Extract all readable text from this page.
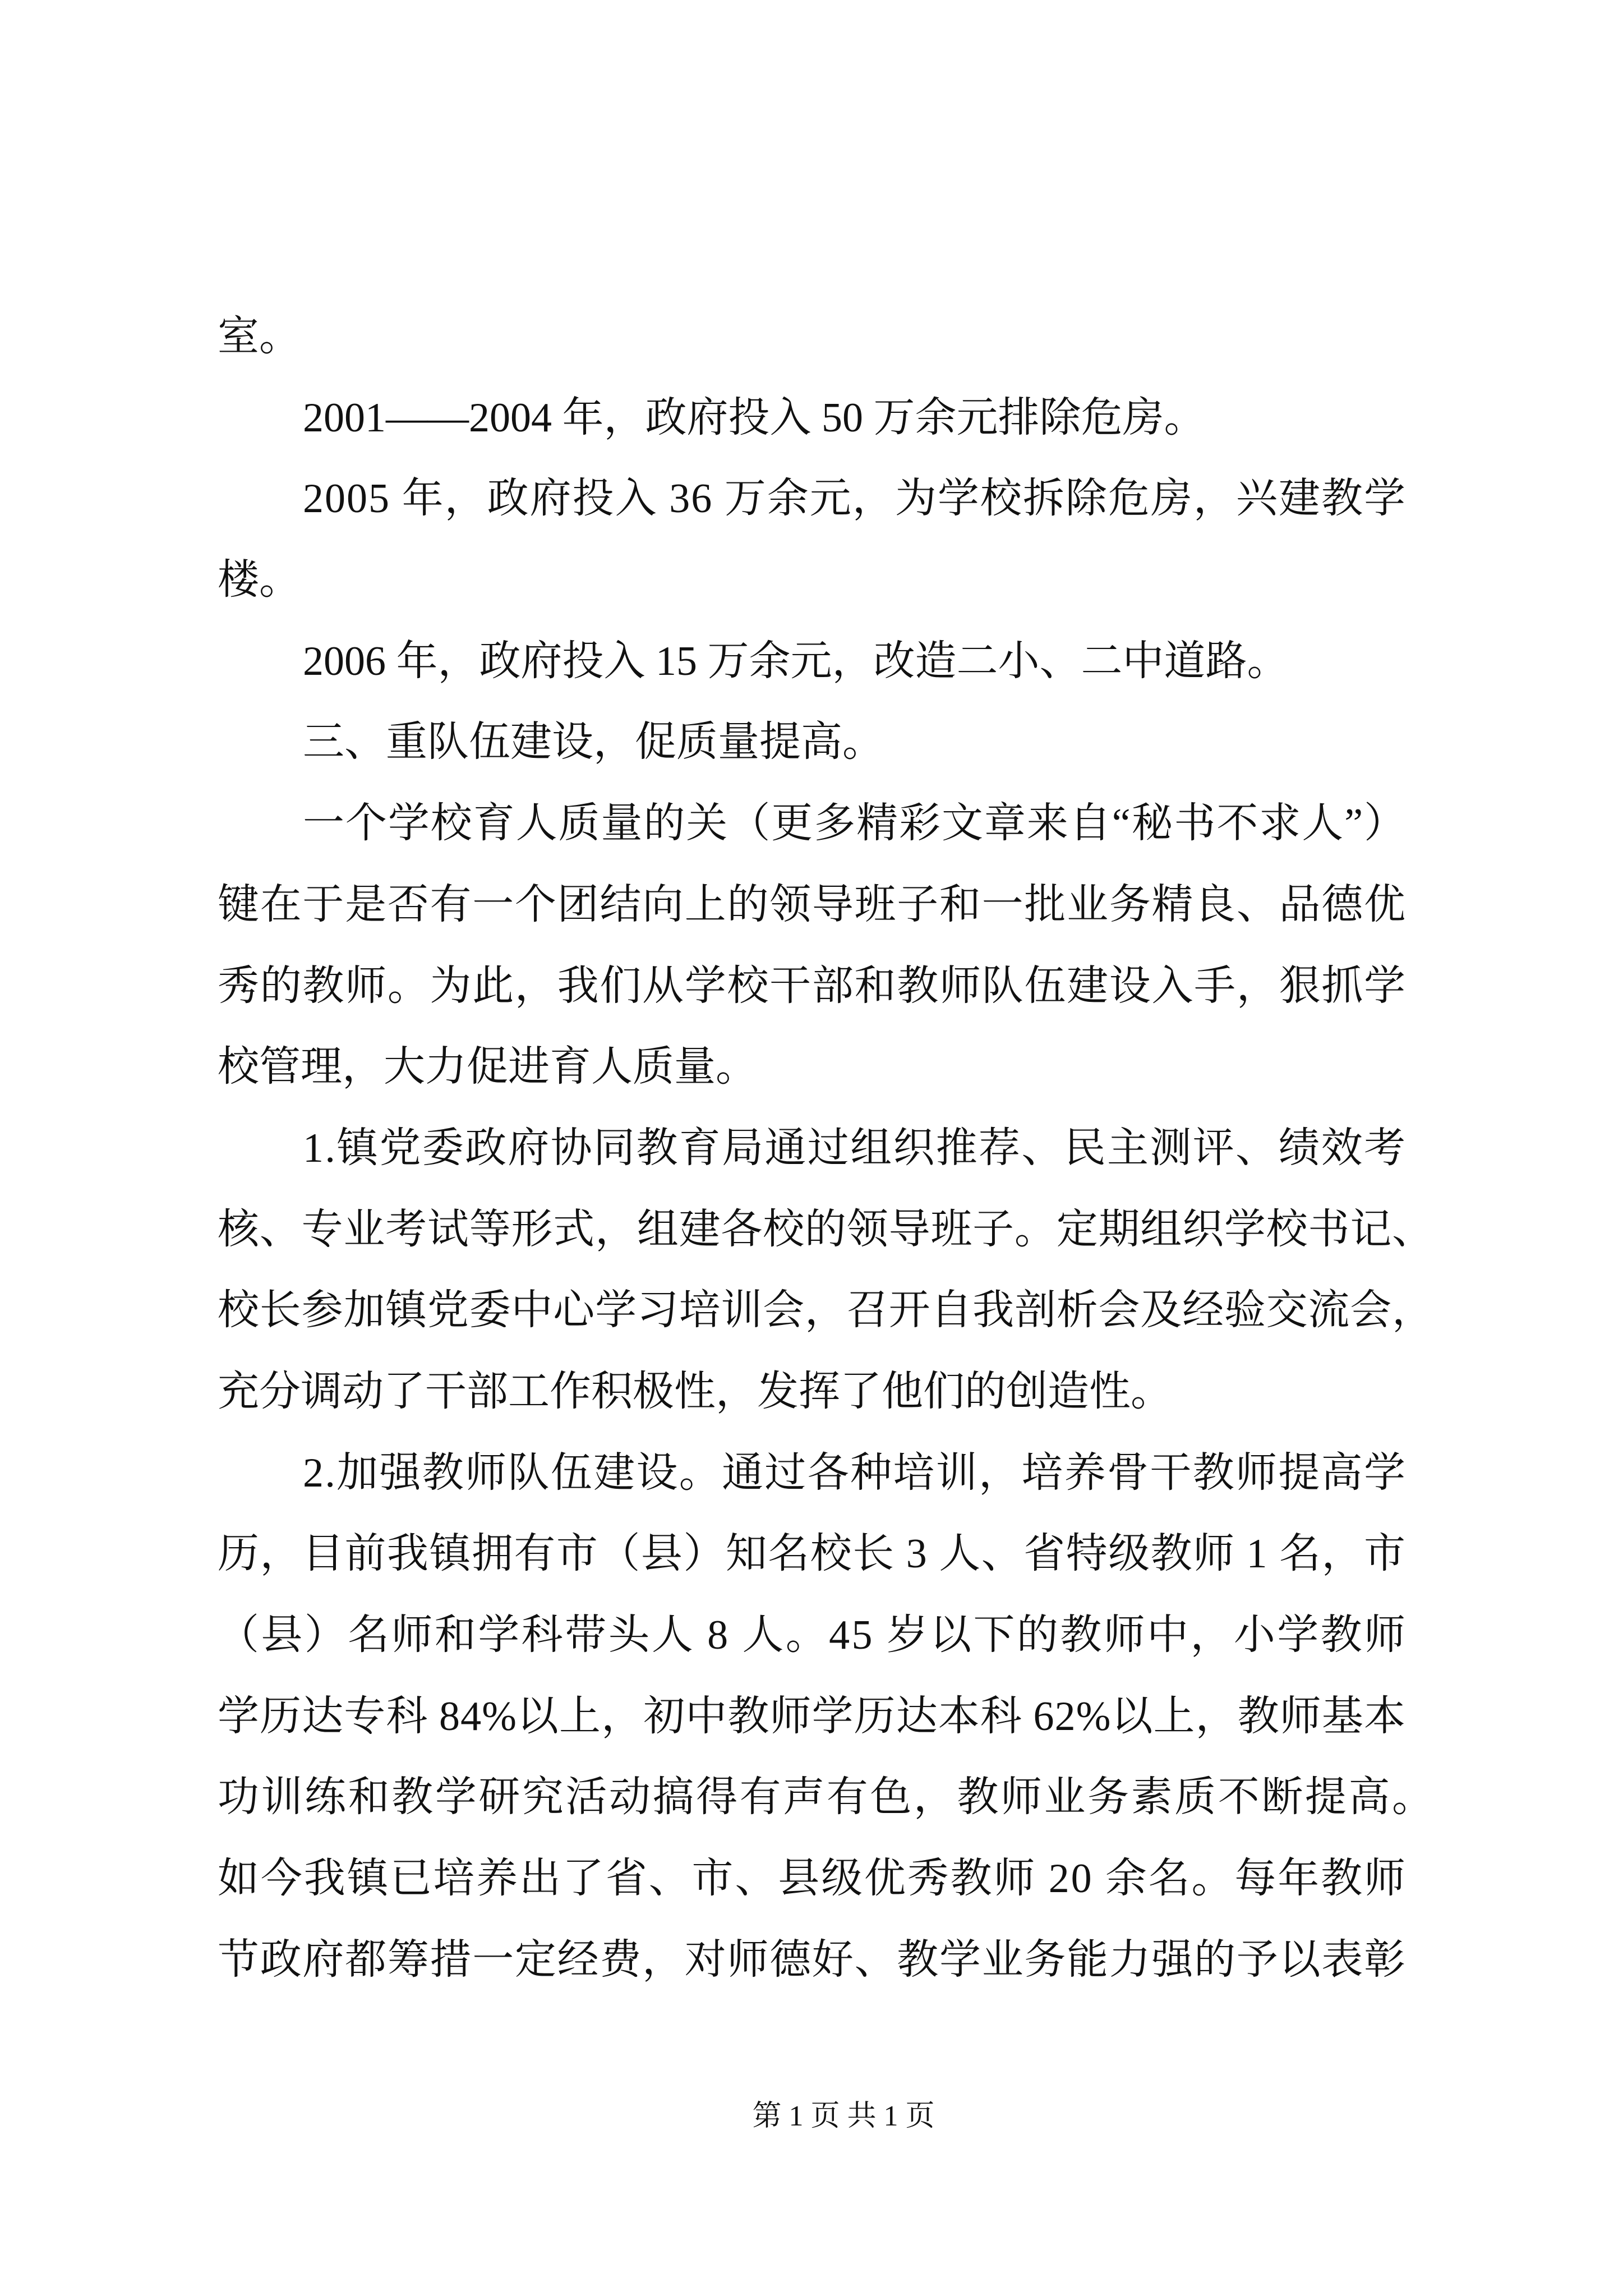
室。
2001——2004 年，政府投入 50 万余元排除危房。
2005 年，政府投入 36 万余元，为学校拆除危房，兴建教学
楼。
2006 年，政府投入 15 万余元，改造二小、二中道路。
三、重队伍建设，促质量提高。
一个学校育人质量的关（更多精彩文章来自“秘书不求人”）
键在于是否有一个团结向上的领导班子和一批业务精良、品德优
秀的教师。为此，我们从学校干部和教师队伍建设入手，狠抓学
校管理，大力促进育人质量。
1.镇党委政府协同教育局通过组织推荐、民主测评、绩效考
核、专业考试等形式，组建各校的领导班子。定期组织学校书记、
校长参加镇党委中心学习培训会，召开自我剖析会及经验交流会，
充分调动了干部工作积极性，发挥了他们的创造性。
2.加强教师队伍建设。通过各种培训，培养骨干教师提高学
历，目前我镇拥有市（县）知名校长 3 人、省特级教师 1 名，市
（县）名师和学科带头人 8 人。45 岁以下的教师中，小学教师
学历达专科 84%以上，初中教师学历达本科 62%以上，教师基本
功训练和教学研究活动搞得有声有色，教师业务素质不断提高。
如今我镇已培养出了省、市、县级优秀教师 20 余名。每年教师
节政府都筹措一定经费，对师德好、教学业务能力强的予以表彰
第 1 页 共 1 页
